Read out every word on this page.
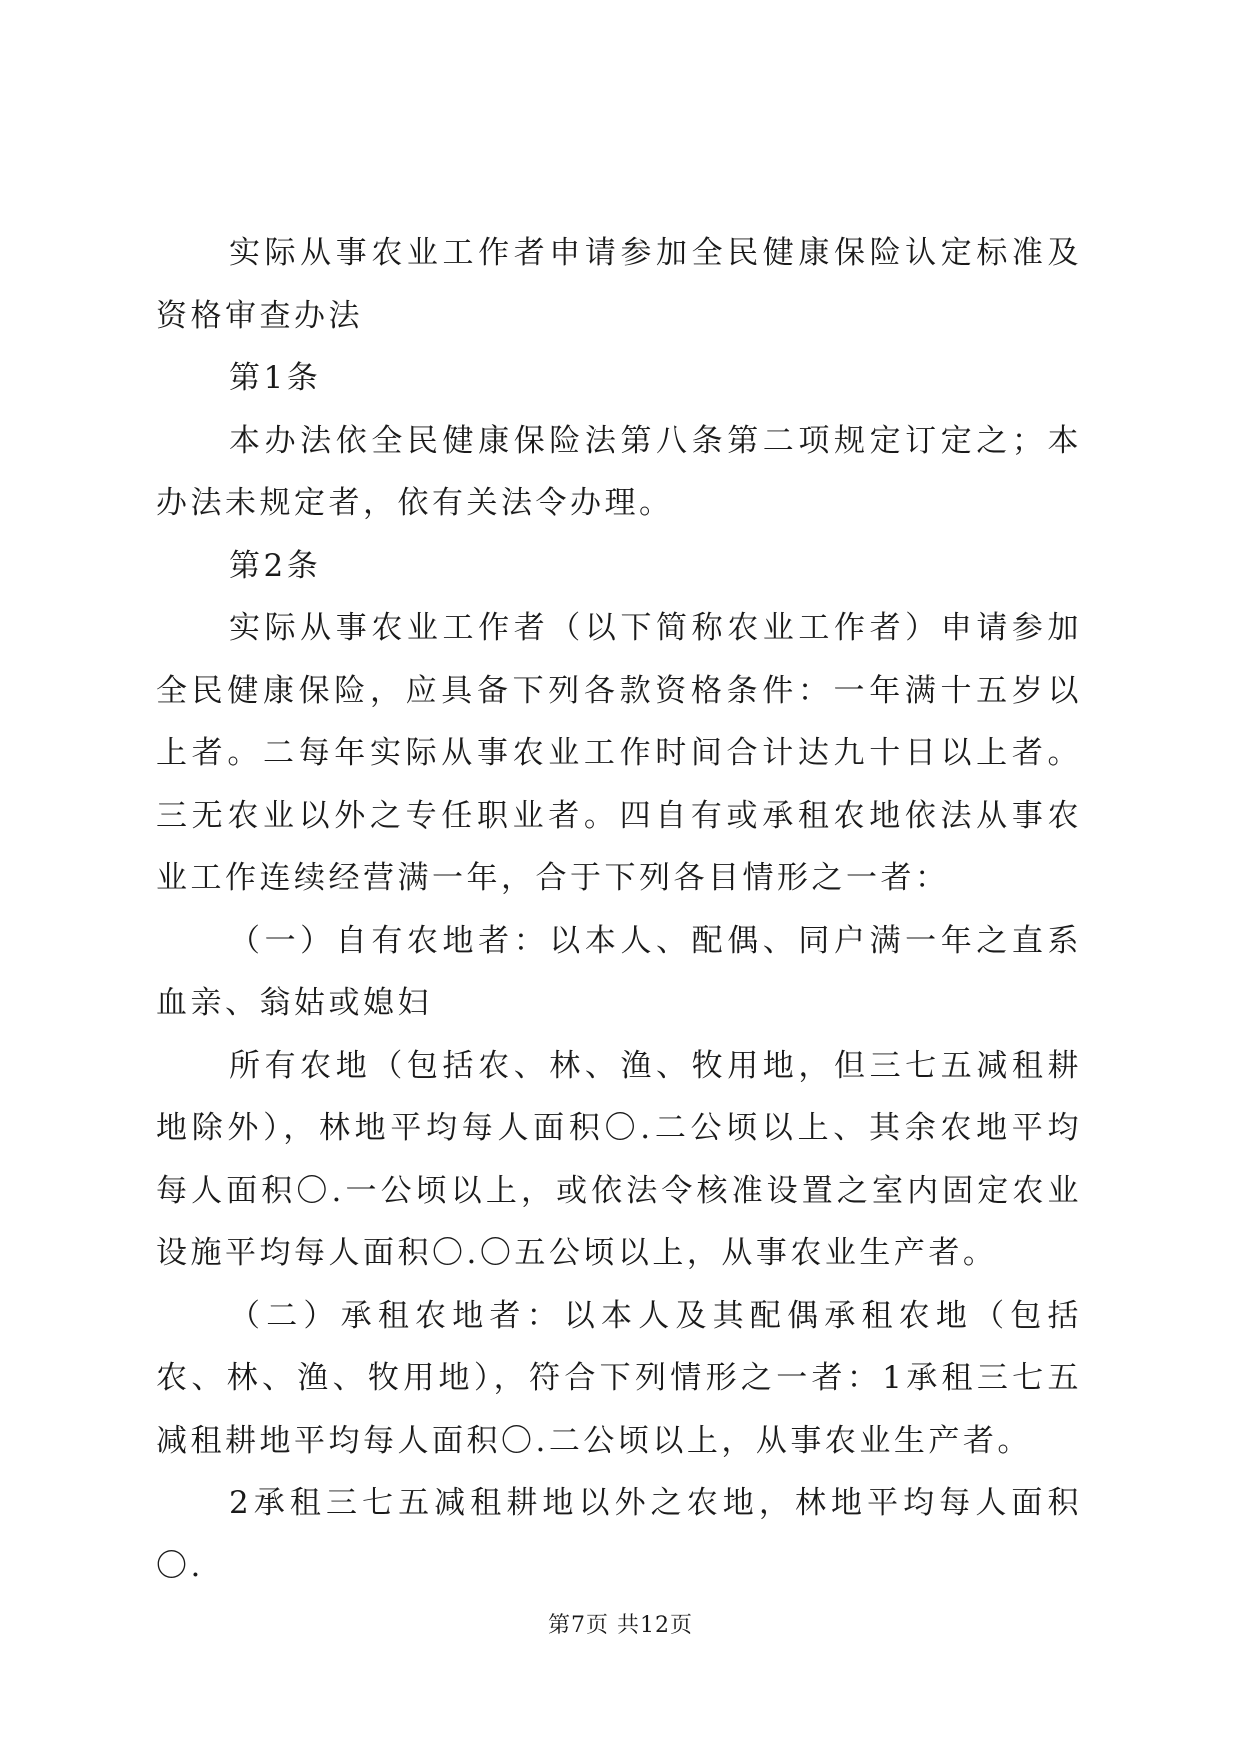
实际从事农业工作者申请参加全民健康保险认定标准及资格审查办法

第1条

本办法依全民健康保险法第八条第二项规定订定之；本办法未规定者，依有关法令办理。

第2条

实际从事农业工作者（以下简称农业工作者）申请参加全民健康保险，应具备下列各款资格条件：一年满十五岁以上者。二每年实际从事农业工作时间合计达九十日以上者。三无农业以外之专任职业者。四自有或承租农地依法从事农业工作连续经营满一年，合于下列各目情形之一者：

（一）自有农地者：以本人、配偶、同户满一年之直系血亲、翁姑或媳妇

所有农地（包括农、林、渔、牧用地，但三七五减租耕地除外），林地平均每人面积〇.二公顷以上、其余农地平均每人面积〇.一公顷以上，或依法令核准设置之室内固定农业设施平均每人面积〇.〇五公顷以上，从事农业生产者。

（二）承租农地者：以本人及其配偶承租农地（包括农、林、渔、牧用地），符合下列情形之一者：1承租三七五减租耕地平均每人面积〇.二公顷以上，从事农业生产者。

2承租三七五减租耕地以外之农地，林地平均每人面积〇.

第7页 共12页
